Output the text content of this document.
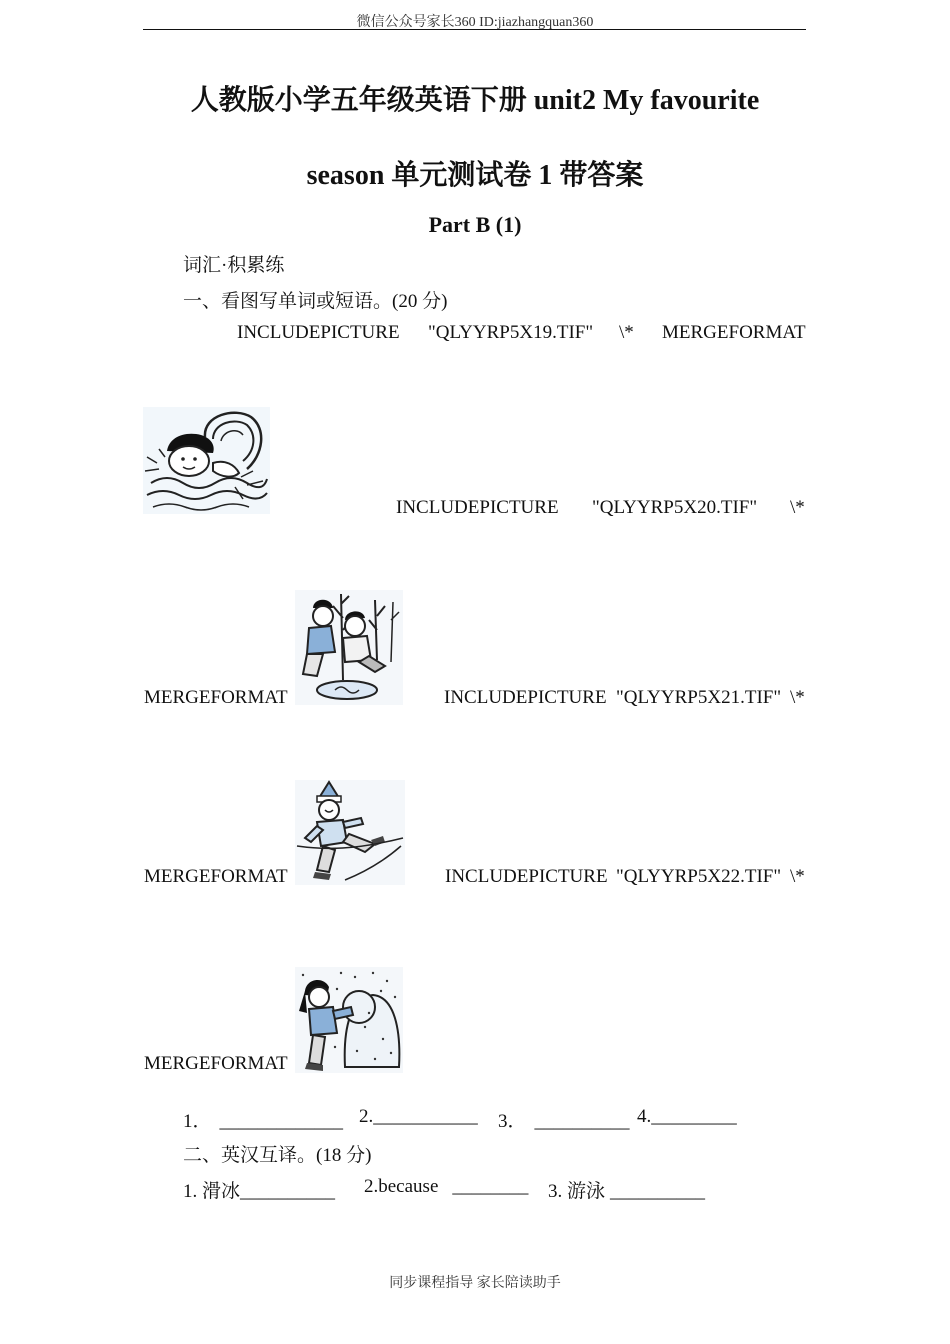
微信公众号家长360 ID:jiazhangquan360
人教版小学五年级英语下册 unit2 My favourite
season 单元测试卷 1 带答案
Part B (1)
词汇·积累练
一、看图写单词或短语。(20 分)
INCLUDEPICTURE "QLYYRP5X19.TIF" \* MERGEFORMAT
INCLUDEPICTURE "QLYYRP5X20.TIF" \*
MERGEFORMAT	INCLUDEPICTURE "QLYYRP5X21.TIF" \*
MERGEFORMAT	INCLUDEPICTURE "QLYYRP5X22.TIF" \*
MERGEFORMAT
1． _____________ 2.___________ 3． __________ 4._________
二、英汉互译。(18 分)
1. 滑冰__________ 2.because ________ 3. 游泳 __________
同步课程指导 家长陪读助手
